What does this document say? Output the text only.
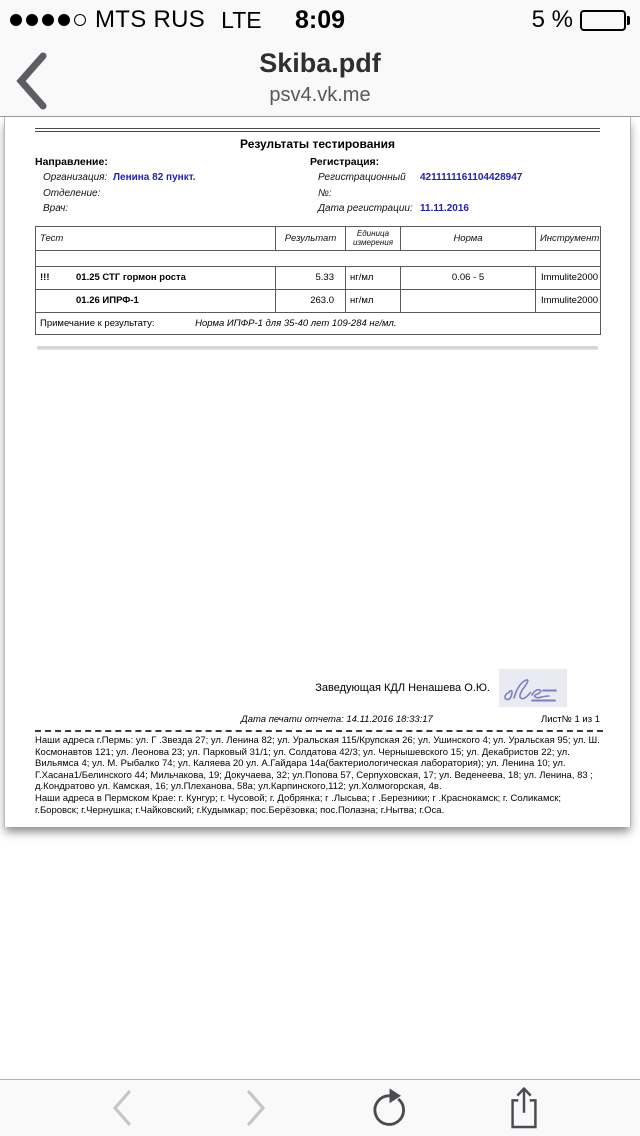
MTS RUS LTE	8:09	5 %
Skiba.pdf
psv4.vk.me
Результаты тестирования
Направление:
Организация: Ленина 82 пункт.
Отделение:
Врач:
Регистрация:
Регистрационный №:
4211111161104428947
Дата регистрации: 11.11.2016
Тест	Результат	Единица измерения	Норма	Инструмент

!!! 01.25 СТГ гормон роста	5.33	нг/мл	0.06 - 5	Immulite2000
01.26 ИПРФ-1	263.0	нг/мл		Immulite2000
Примечание к результату: Норма ИПФР-1 для 35-40 лет 109-284 нг/мл.				
Заведующая КДЛ Ненашева О.Ю.
Дата печати отчета: 14.11.2016 18:33:17	Лист№ 1 из 1

Наши адреса г.Пермь: ул. Г .Звезда 27; ул. Ленина 82; ул. Уральская 115/Крупская 26; ул. Ушинского 4; ул. Уральская 95; ул. Ш. Космонавтов 121; ул. Леонова 23; ул. Парковый 31/1; ул. Солдатова 42/3; ул. Чернышевского 15; ул. Декабристов 22; ул. Вильямса 4; ул. М. Рыбалко 74; ул. Каляева 20 ул. А.Гайдара 14а(бактериологическая лаборатория); ул. Ленина 10; ул. Г.Хасана1/Белинского 44; Мильчакова, 19; Докучаева, 32; ул.Попова 57, Серпуховская, 17; ул. Веденеева, 18; ул. Ленина, 83 ; д.Кондратово ул. Камская, 16; ул.Плеханова, 58а; ул.Карпинского,112; ул.Холмогорская, 4в.

Наши адреса в Пермском Крае: г. Кунгур; г. Чусовой; г. Добрянка; г .Лысьва; г .Березники; г .Краснокамск; г. Соликамск; г.Боровск; г.Чернушка; г.Чайковский; г.Кудымкар; пос.Берёзовка; пос.Полазна; г.Нытва; г.Оса.
